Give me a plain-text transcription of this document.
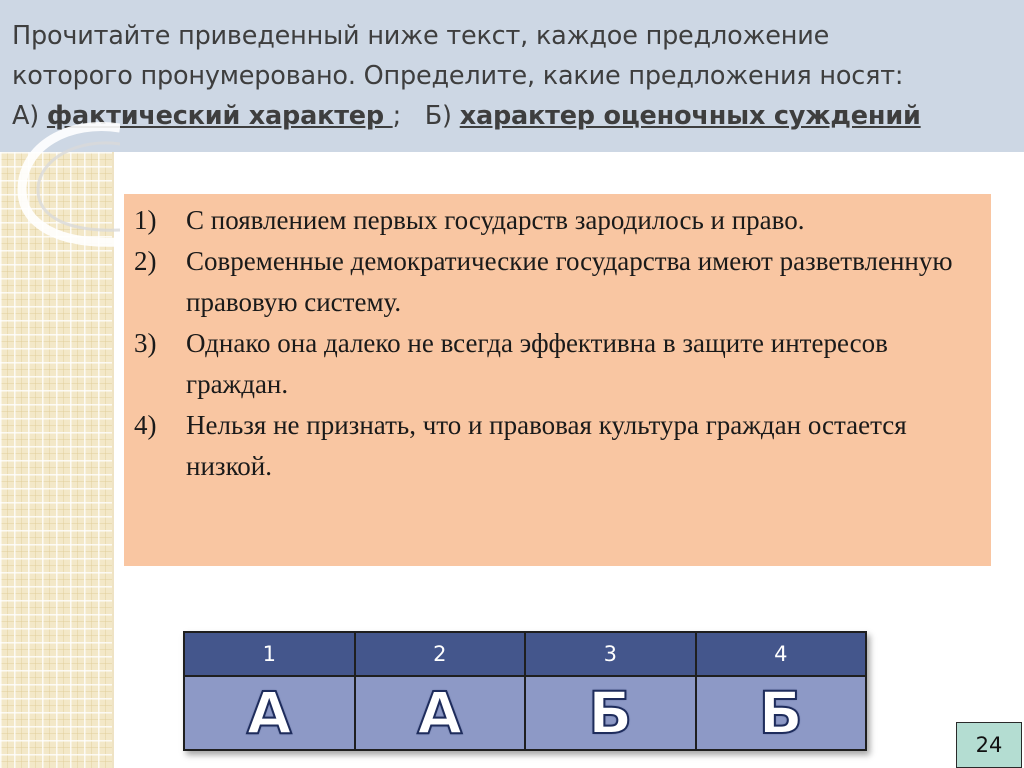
Прочитайте приведенный ниже текст, каждое предложение
которого пронумеровано. Определите, какие предложения носят:
А) фактический характер ;   Б) характер оценочных суждений
1)	С появлением первых государств зародилось и право.
2)	Современные демократические государства имеют разветвленную правовую систему.
3)	Однако она далеко не всегда эффективна в защите интересов граждан.
4)	Нельзя не признать, что и правовая культура граждан остается низкой.
1	2	3	4
А	А	Б	Б	24
